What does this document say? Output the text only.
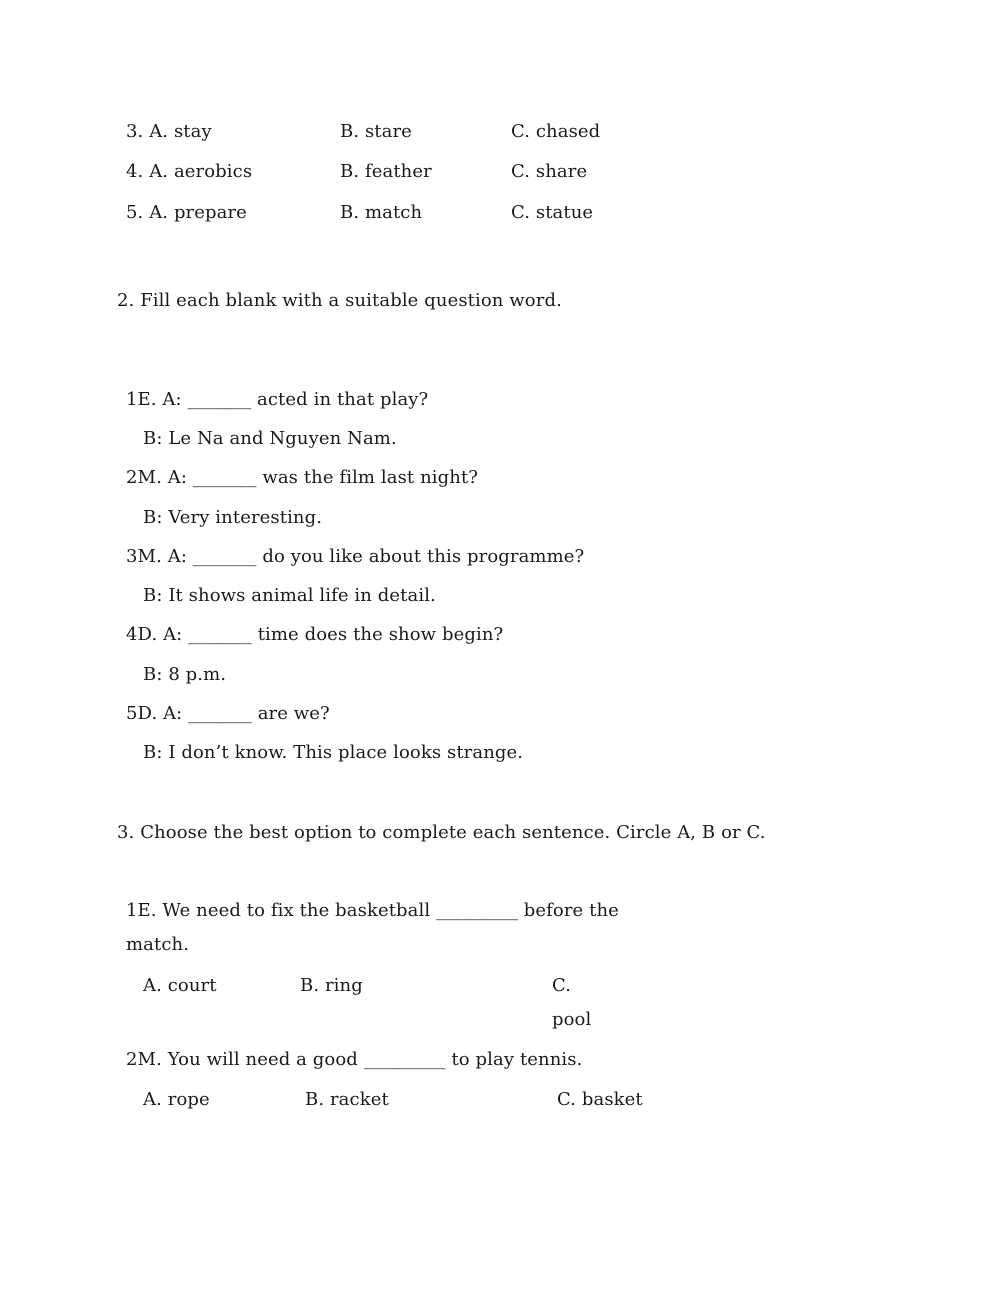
3. A. stay	B. stare	C. chased
4. A. aerobics	B. feather	C. share
5. A. prepare	B. match	C. statue
2. Fill each blank with a suitable question word.
1E. A: _______ acted in that play?
B: Le Na and Nguyen Nam.
2M. A: _______ was the film last night?
B: Very interesting.
3M. A: _______ do you like about this programme?
B: It shows animal life in detail.
4D. A: _______ time does the show begin?
B: 8 p.m.
5D. A: _______ are we?
B: I don’t know. This place looks strange.
3. Choose the best option to complete each sentence. Circle A, B or C.
1E. We need to fix the basketball _________ before the
match.
A. court	B. ring	C.
pool
2M. You will need a good _________ to play tennis.
A. rope	B. racket	C. basket
